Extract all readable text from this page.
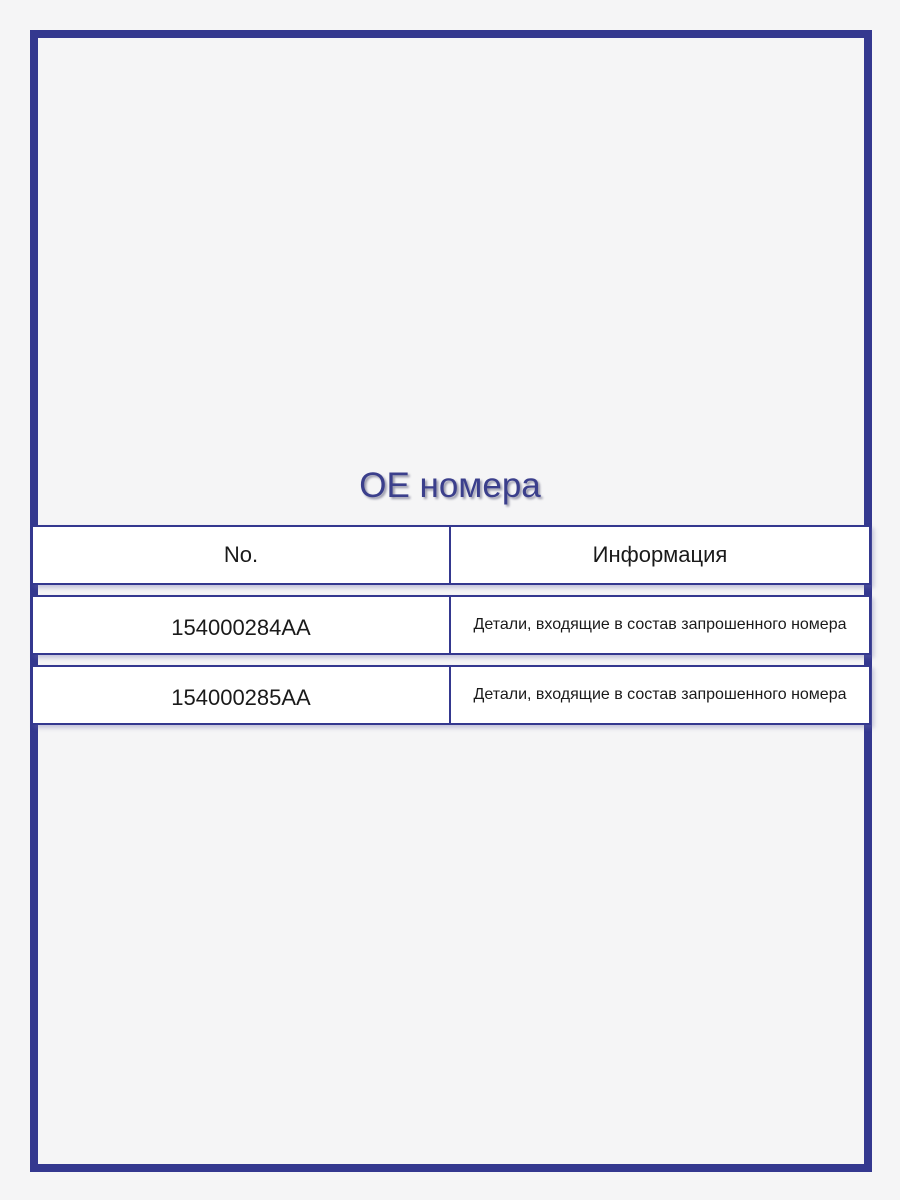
OE номера
No.	Информация
154000284AA	Детали, входящие в состав запрошенного номера
154000285AA	Детали, входящие в состав запрошенного номера
